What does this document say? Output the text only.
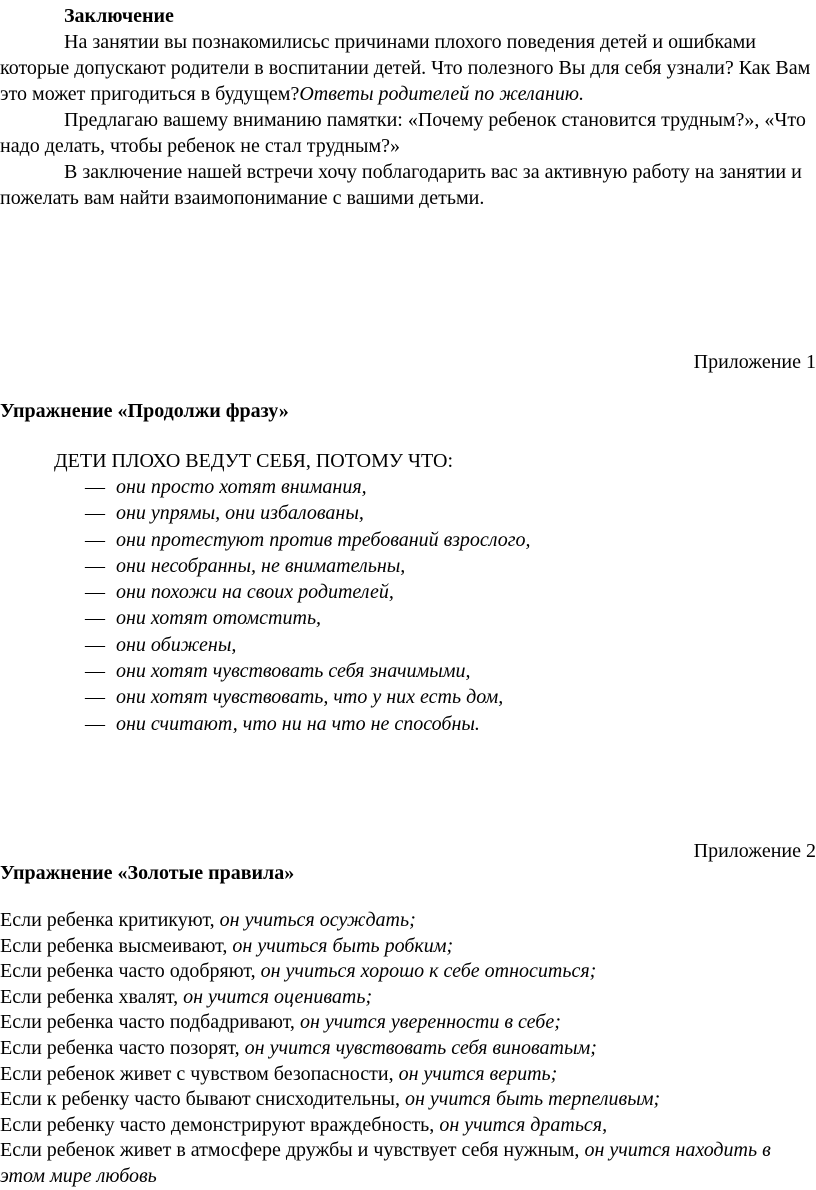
Заключение

На занятии вы познакомилисьс причинами плохого поведения детей и ошибками которые допускают родители в воспитании детей. Что полезного Вы для себя узнали? Как Вам это может пригодиться в будущем?Ответы родителей по желанию.

Предлагаю вашему вниманию памятки: «Почему ребенок становится трудным?», «Что надо делать, чтобы ребенок не стал трудным?»

В заключение нашей встречи хочу поблагодарить вас за активную работу на занятии и пожелать вам найти взаимопонимание с вашими детьми.

Приложение 1

Упражнение «Продолжи фразу»

ДЕТИ ПЛОХО ВЕДУТ СЕБЯ, ПОТОМУ ЧТО:

— они просто хотят внимания,
— они упрямы, они избалованы,
— они протестуют против требований взрослого,
— они несобранны, не внимательны,
— они похожи на своих родителей,
— они хотят отомстить,
— они обижены,
— они хотят чувствовать себя значимыми,
— они хотят чувствовать, что у них есть дом,
— они считают, что ни на что не способны.
Приложение 2

Упражнение «Золотые правила»

Если ребенка критикуют, он учиться осуждать;

Если ребенка высмеивают, он учиться быть робким;

Если ребенка часто одобряют, он учиться хорошо к себе относиться;

Если ребенка хвалят, он учится оценивать;

Если ребенка часто подбадривают, он учится уверенности в себе;

Если ребенка часто позорят, он учится чувствовать себя виноватым;

Если ребенок живет с чувством безопасности, он учится верить;

Если к ребенку часто бывают снисходительны, он учится быть терпеливым;

Если ребенку часто демонстрируют враждебность, он учится драться,

Если ребенок живет в атмосфере дружбы и чувствует себя нужным, он учится находить в этом мире любовь
